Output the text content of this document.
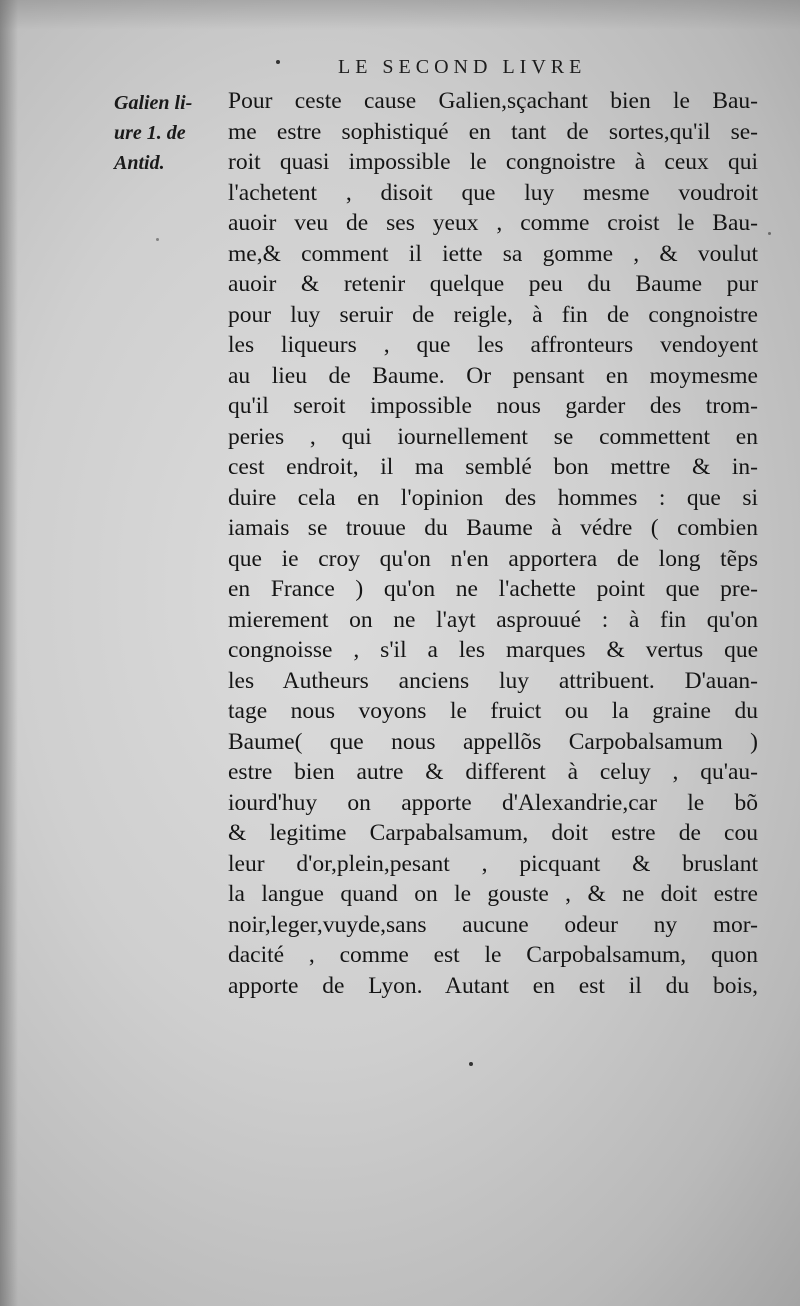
LE SECOND LIVRE
Galien li-
ure 1. de
Antid.
Pour ceste cause Galien,sçachant bien le Bau-
me estre sophistiqué en tant de sortes,qu'il se-
roit quasi impossible le congnoistre à ceux qui
l'achetent , disoit que luy mesme voudroit
auoir veu de ses yeux , comme croist le Bau-
me,& comment il iette sa gomme , & voulut
auoir & retenir quelque peu du Baume pur
pour luy seruir de reigle, à fin de congnoistre
les liqueurs , que les affronteurs vendoyent
au lieu de Baume. Or pensant en moymesme
qu'il seroit impossible nous garder des trom-
peries , qui iournellement se commettent en
cest endroit, il ma semblé bon mettre & in-
duire cela en l'opinion des hommes : que si
iamais se trouue du Baume à védre ( combien
que ie croy qu'on n'en apportera de long tẽps
en France ) qu'on ne l'achette point que pre-
mierement on ne l'ayt asprouué : à fin qu'on
congnoisse , s'il a les marques & vertus que
les Autheurs anciens luy attribuent. D'auan-
tage nous voyons le fruict ou la graine du
Baume( que nous appellõs Carpobalsamum )
estre bien autre & different à celuy , qu'au-
iourd'huy on apporte d'Alexandrie,car le bõ
& legitime Carpabalsamum, doit estre de cou
leur d'or,plein,pesant , picquant & bruslant
la langue quand on le gouste , & ne doit estre
noir,leger,vuyde,sans aucune odeur ny mor-
dacité , comme est le Carpobalsamum, quon
apporte de Lyon. Autant en est il du bois,
